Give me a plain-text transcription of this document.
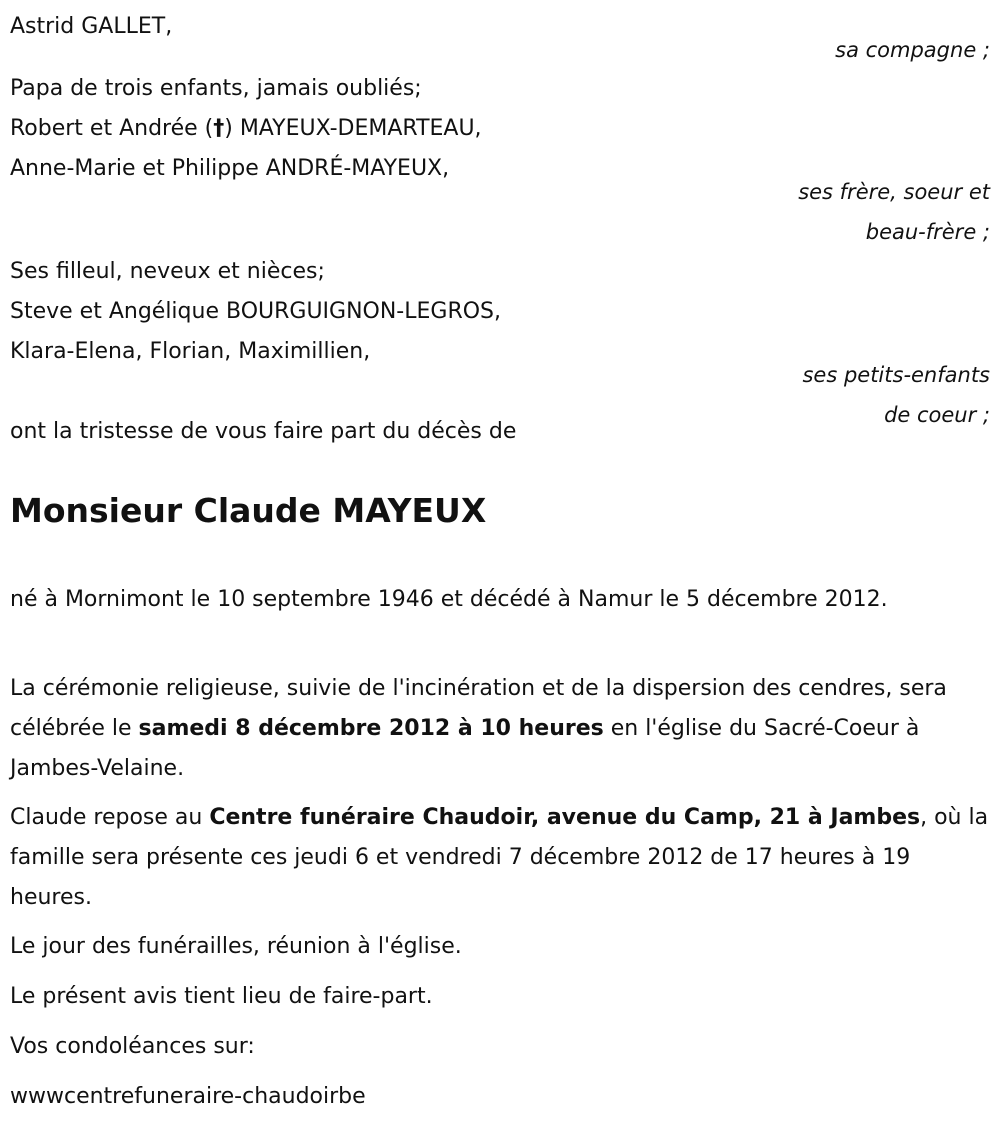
Astrid GALLET,
sa compagne ;
Papa de trois enfants, jamais oubliés;
Robert et Andrée (†) MAYEUX-DEMARTEAU,
Anne-Marie et Philippe ANDRÉ-MAYEUX,
ses frère, soeur et
beau-frère ;
Ses filleul, neveux et nièces;
Steve et Angélique BOURGUIGNON-LEGROS,
Klara-Elena, Florian, Maximillien,
ses petits-enfants
de coeur ;
ont la tristesse de vous faire part du décès de
Monsieur Claude MAYEUX
né à Mornimont le 10 septembre 1946 et décédé à Namur le 5 décembre 2012.
La cérémonie religieuse, suivie de l'incinération et de la dispersion des cendres, sera célébrée le samedi 8 décembre 2012 à 10 heures en l'église du Sacré-Coeur à Jambes-Velaine.
Claude repose au Centre funéraire Chaudoir, avenue du Camp, 21 à Jambes, où la famille sera présente ces jeudi 6 et vendredi 7 décembre 2012 de 17 heures à 19 heures.
Le jour des funérailles, réunion à l'église.
Le présent avis tient lieu de faire-part.
Vos condoléances sur:
wwwcentrefuneraire-chaudoirbe
